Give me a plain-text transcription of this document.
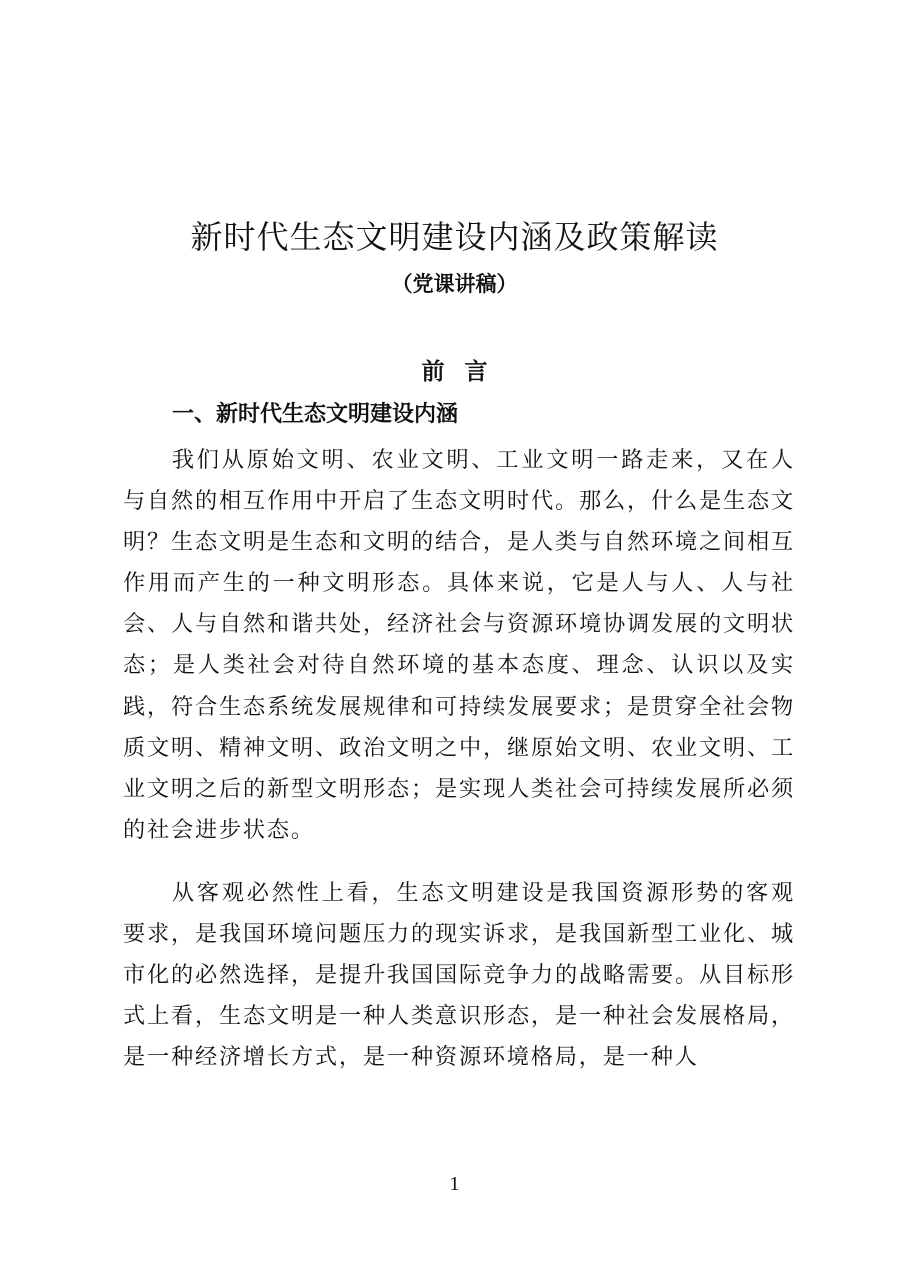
新时代生态文明建设内涵及政策解读
（党课讲稿）
前言
一、新时代生态文明建设内涵

我们从原始文明、农业文明、工业文明一路走来，又在人与自然的相互作用中开启了生态文明时代。那么，什么是生态文明？生态文明是生态和文明的结合，是人类与自然环境之间相互作用而产生的一种文明形态。具体来说，它是人与人、人与社会、人与自然和谐共处，经济社会与资源环境协调发展的文明状态；是人类社会对待自然环境的基本态度、理念、认识以及实践，符合生态系统发展规律和可持续发展要求；是贯穿全社会物质文明、精神文明、政治文明之中，继原始文明、农业文明、工业文明之后的新型文明形态；是实现人类社会可持续发展所必须的社会进步状态。

从客观必然性上看，生态文明建设是我国资源形势的客观要求，是我国环境问题压力的现实诉求，是我国新型工业化、城市化的必然选择，是提升我国国际竞争力的战略需要。从目标形式上看，生态文明是一种人类意识形态，是一种社会发展格局，是一种经济增长方式，是一种资源环境格局，是一种人

1
